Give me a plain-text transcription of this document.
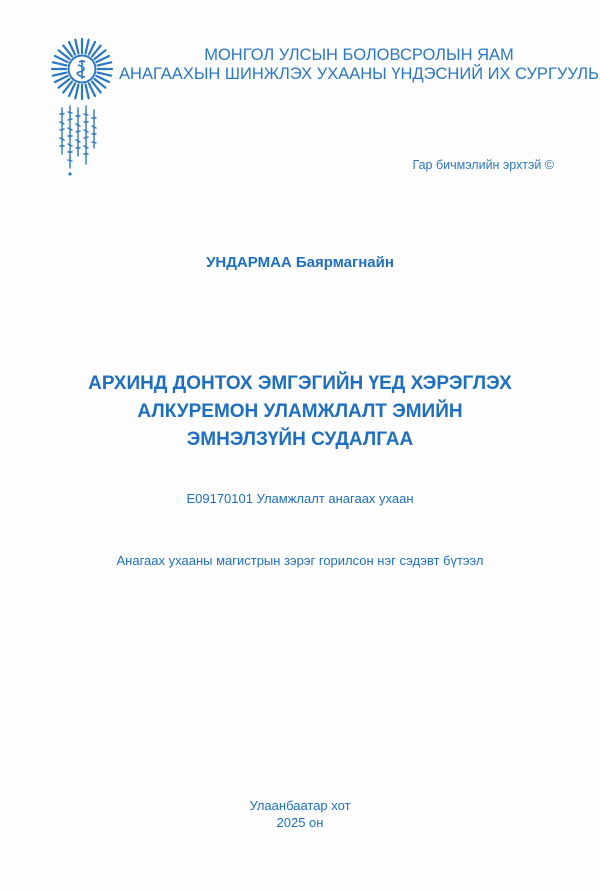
МОНГОЛ УЛСЫН БОЛОВСРОЛЫН ЯАМ
АНАГААХЫН ШИНЖЛЭХ УХААНЫ ҮНДЭСНИЙ ИХ СУРГУУЛЬ
Гар бичмэлийн эрхтэй ©
УНДАРМАА Баярмагнайн
АРХИНД ДОНТОХ ЭМГЭГИЙН ҮЕД ХЭРЭГЛЭХ
АЛКУРЕМОН УЛАМЖЛАЛТ ЭМИЙН
ЭМНЭЛЗҮЙН СУДАЛГАА
E09170101 Уламжлалт анагаах ухаан
Анагаах ухааны магистрын зэрэг горилсон нэг сэдэвт бүтээл
Улаанбаатар хот
2025 он
